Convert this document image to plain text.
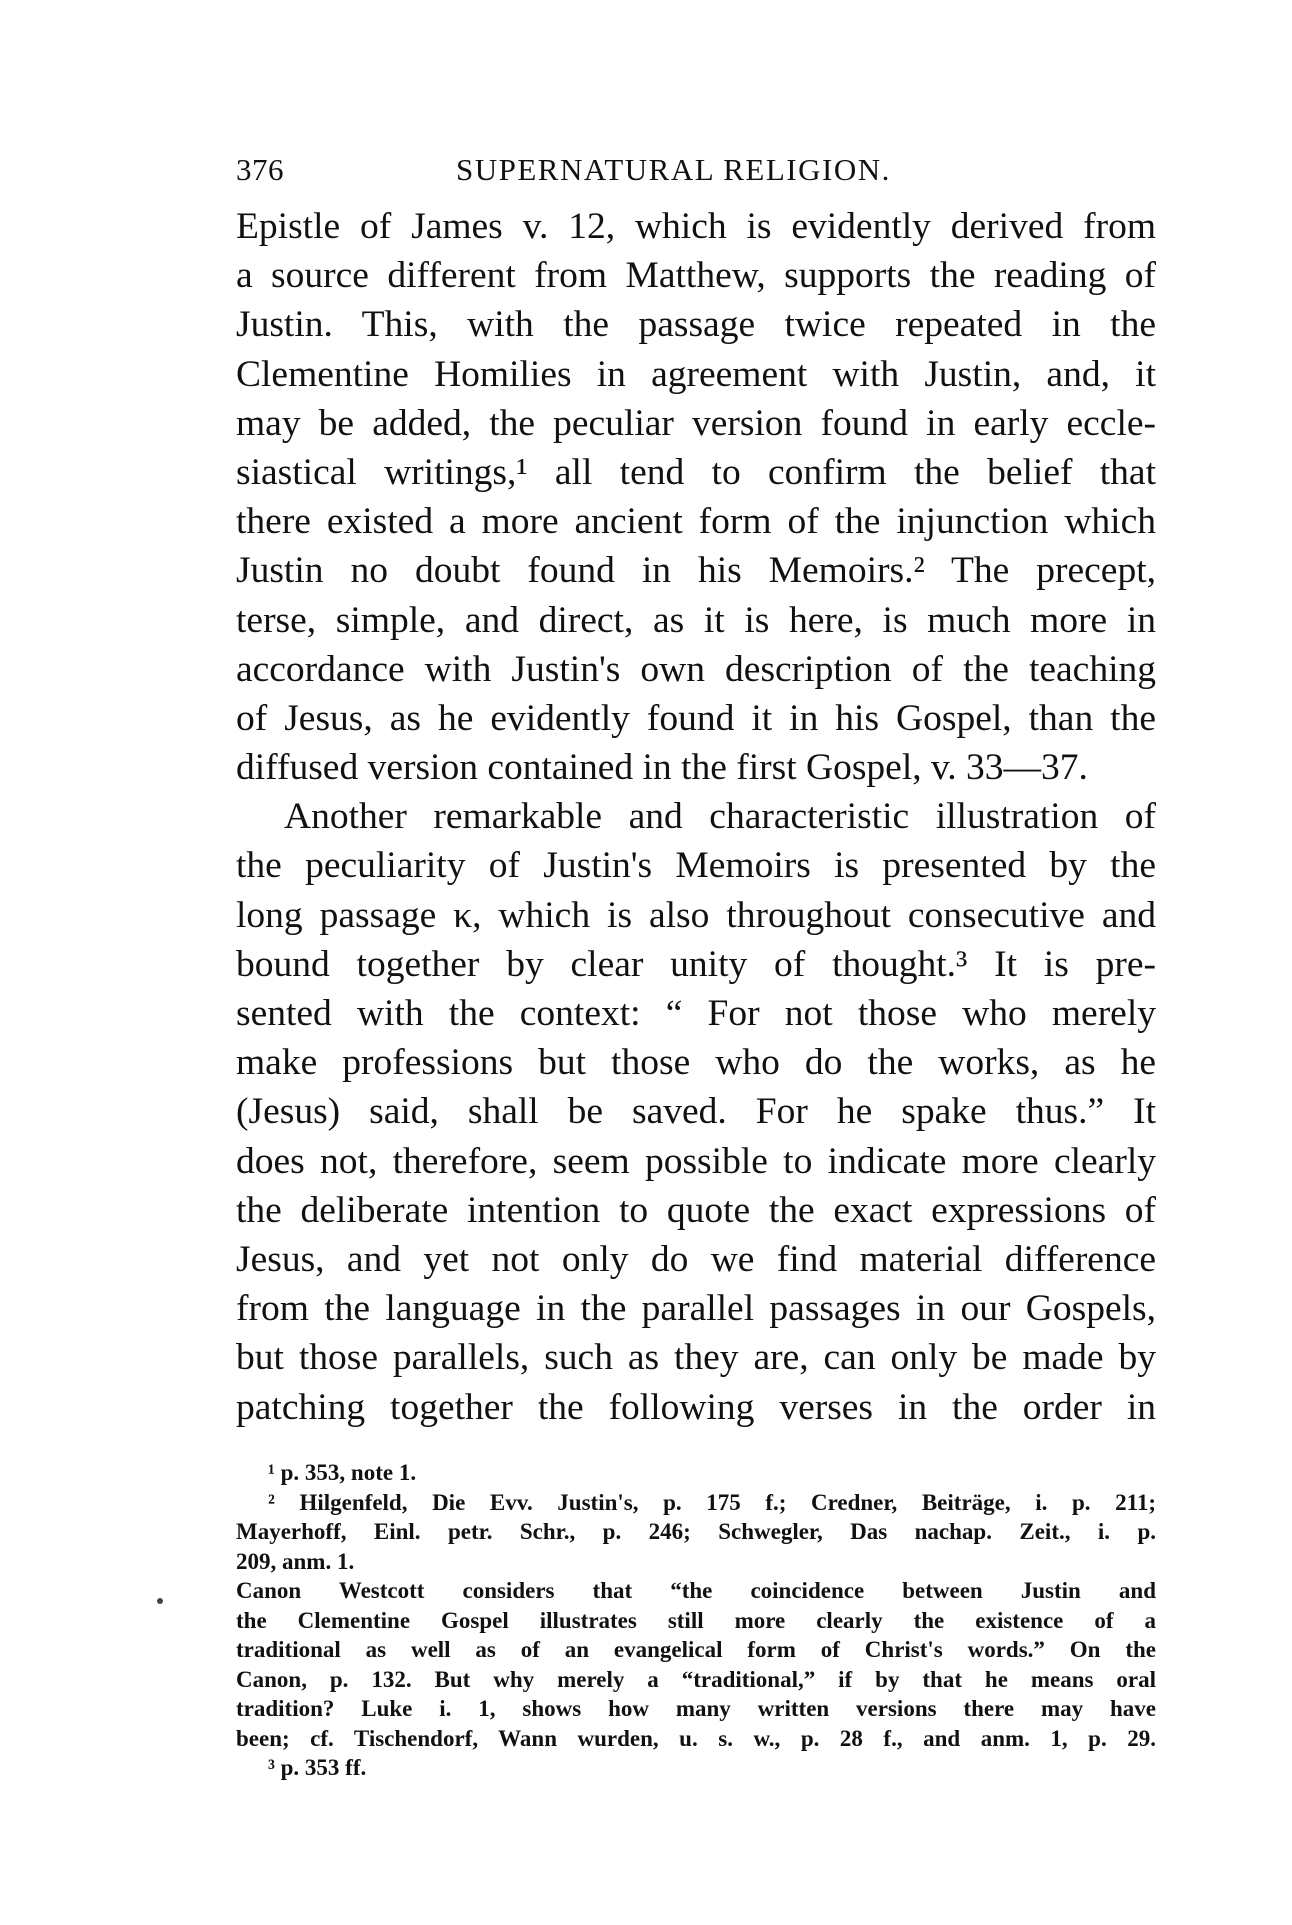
376	SUPERNATURAL RELIGION.
Epistle of James v. 12, which is evidently derived from
a source different from Matthew, supports the reading of
Justin. This, with the passage twice repeated in the
Clementine Homilies in agreement with Justin, and, it
may be added, the peculiar version found in early eccle-
siastical writings,¹ all tend to confirm the belief that
there existed a more ancient form of the injunction which
Justin no doubt found in his Memoirs.² The precept,
terse, simple, and direct, as it is here, is much more in
accordance with Justin's own description of the teaching
of Jesus, as he evidently found it in his Gospel, than the
diffused version contained in the first Gospel, v. 33—37.
Another remarkable and characteristic illustration of
the peculiarity of Justin's Memoirs is presented by the
long passage κ, which is also throughout consecutive and
bound together by clear unity of thought.³ It is pre-
sented with the context: “ For not those who merely
make professions but those who do the works, as he
(Jesus) said, shall be saved. For he spake thus.” It
does not, therefore, seem possible to indicate more clearly
the deliberate intention to quote the exact expressions of
Jesus, and yet not only do we find material difference
from the language in the parallel passages in our Gospels,
but those parallels, such as they are, can only be made by
patching together the following verses in the order in
¹ p. 353, note 1.
² Hilgenfeld, Die Evv. Justin's, p. 175 f.; Credner, Beiträge, i. p. 211;
Mayerhoff, Einl. petr. Schr., p. 246; Schwegler, Das nachap. Zeit., i. p.
209, anm. 1.
Canon Westcott considers that “the coincidence between Justin and
the Clementine Gospel illustrates still more clearly the existence of a
traditional as well as of an evangelical form of Christ's words.” On the
Canon, p. 132. But why merely a “traditional,” if by that he means oral
tradition? Luke i. 1, shows how many written versions there may have
been; cf. Tischendorf, Wann wurden, u. s. w., p. 28 f., and anm. 1, p. 29.
³ p. 353 ff.
